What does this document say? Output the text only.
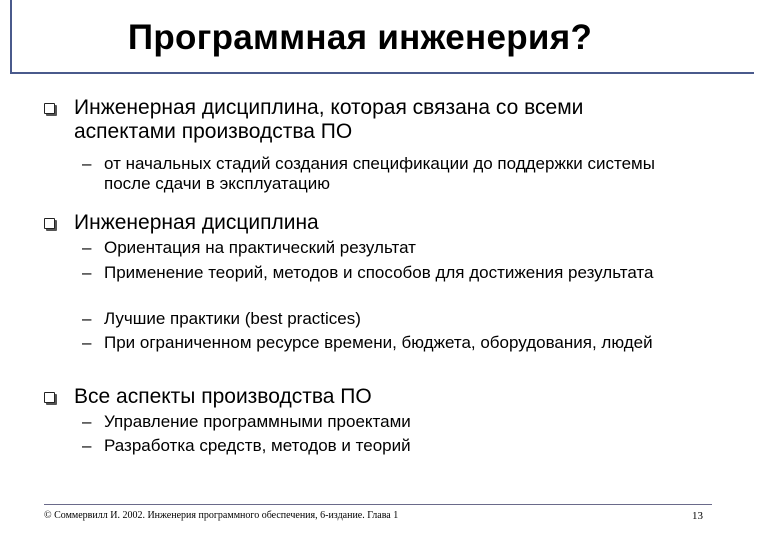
Программная инженерия?
Инженерная дисциплина, которая связана со всеми аспектами производства ПО
– от начальных стадий создания спецификации до поддержки системы после сдачи в эксплуатацию
Инженерная дисциплина
– Ориентация на практический результат
– Применение теорий, методов и способов для достижения результата
– Лучшие практики (best practices)
– При ограниченном ресурсе времени, бюджета, оборудования, людей
Все аспекты производства ПО
– Управление программными проектами
– Разработка средств, методов и теорий
© Соммервилл И. 2002. Инженерия программного обеспечения, 6-издание. Глава 1	13
